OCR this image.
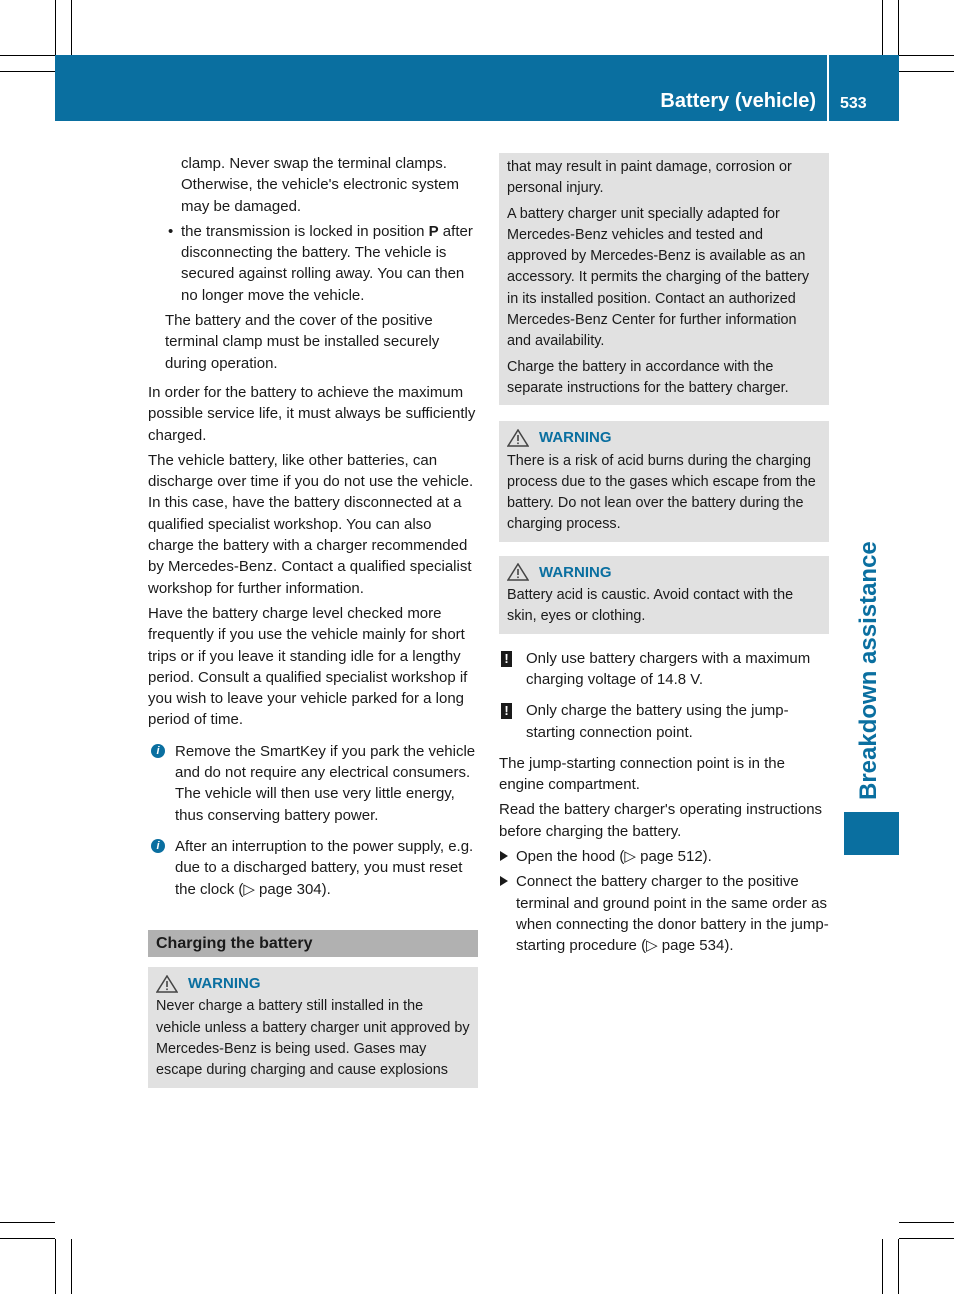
Battery (vehicle) 533
Breakdown assistance

clamp. Never swap the terminal clamps. Otherwise, the vehicle's electronic system may be damaged.

• the transmission is locked in position P after disconnecting the battery. The vehicle is secured against rolling away. You can then no longer move the vehicle.

The battery and the cover of the positive terminal clamp must be installed securely during operation.

In order for the battery to achieve the maximum possible service life, it must always be sufficiently charged.

The vehicle battery, like other batteries, can discharge over time if you do not use the vehicle. In this case, have the battery disconnected at a qualified specialist workshop. You can also charge the battery with a charger recommended by Mercedes-Benz. Contact a qualified specialist workshop for further information.

Have the battery charge level checked more frequently if you use the vehicle mainly for short trips or if you leave it standing idle for a lengthy period. Consult a qualified specialist workshop if you wish to leave your vehicle parked for a long period of time.

i	Remove the SmartKey if you park the vehicle and do not require any electrical consumers. The vehicle will then use very little energy, thus conserving battery power.
i	After an interruption to the power supply, e.g. due to a discharged battery, you must reset the clock (▷ page 304).
Charging the battery
WARNING
Never charge a battery still installed in the vehicle unless a battery charger unit approved by Mercedes-Benz is being used. Gases may escape during charging and cause explosions

that may result in paint damage, corrosion or personal injury.

A battery charger unit specially adapted for Mercedes-Benz vehicles and tested and approved by Mercedes-Benz is available as an accessory. It permits the charging of the battery in its installed position. Contact an authorized Mercedes-Benz Center for further information and availability.

Charge the battery in accordance with the separate instructions for the battery charger.

WARNING
There is a risk of acid burns during the charging process due to the gases which escape from the battery. Do not lean over the battery during the charging process.
WARNING
Battery acid is caustic. Avoid contact with the skin, eyes or clothing.
!	Only use battery chargers with a maximum charging voltage of 14.8 V.
!	Only charge the battery using the jump-starting connection point.

The jump-starting connection point is in the engine compartment.

Read the battery charger's operating instructions before charging the battery.

Open the hood (▷ page 512).
Connect the battery charger to the positive terminal and ground point in the same order as when connecting the donor battery in the jump-starting procedure (▷ page 534).
